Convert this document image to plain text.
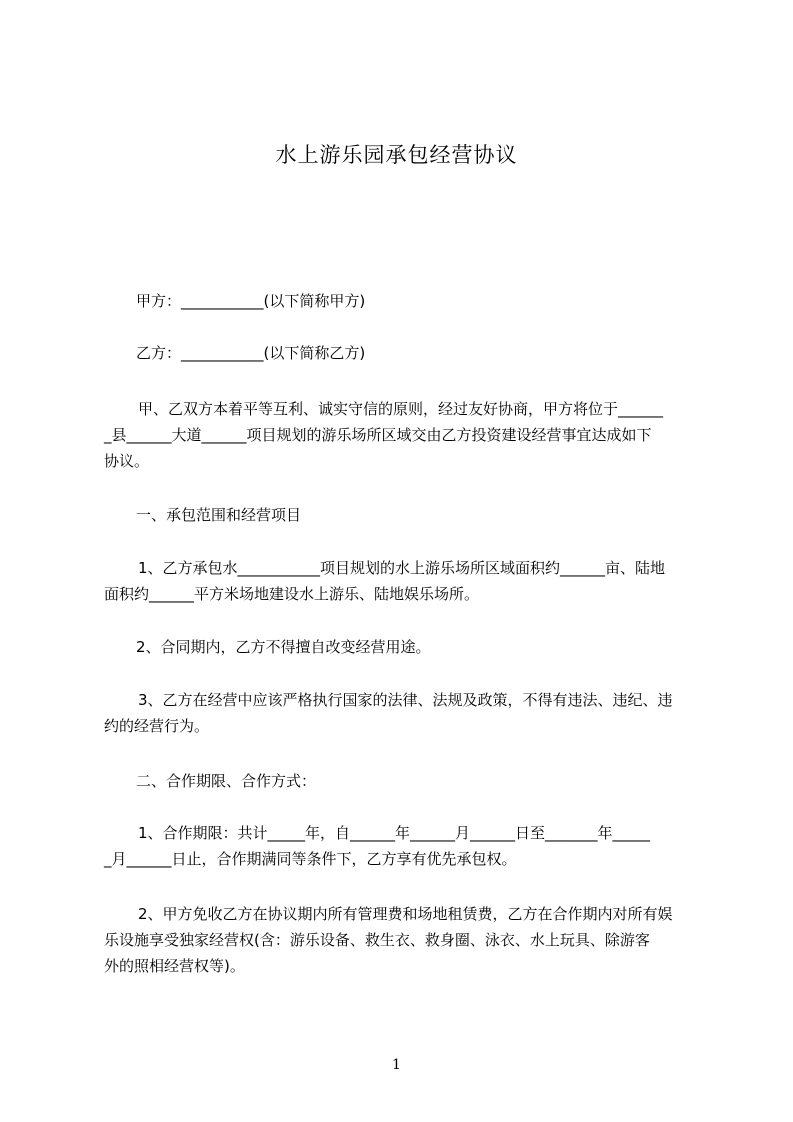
水上游乐园承包经营协议
甲方：___________(以下简称甲方)
乙方：___________(以下简称乙方)
甲、乙双方本着平等互利、诚实守信的原则，经过友好协商，甲方将位于______
_县______大道______项目规划的游乐场所区域交由乙方投资建设经营事宜达成如下
协议。
一、承包范围和经营项目
1、乙方承包水___________项目规划的水上游乐场所区域面积约______亩、陆地
面积约______平方米场地建设水上游乐、陆地娱乐场所。
2、合同期内，乙方不得擅自改变经营用途。
3、乙方在经营中应该严格执行国家的法律、法规及政策，不得有违法、违纪、违
约的经营行为。
二、合作期限、合作方式：
1、合作期限：共计_____年，自______年______月______日至_______年_____
_月______日止，合作期满同等条件下，乙方享有优先承包权。
2、甲方免收乙方在协议期内所有管理费和场地租赁费，乙方在合作期内对所有娱
乐设施享受独家经营权(含：游乐设备、救生衣、救身圈、泳衣、水上玩具、除游客
外的照相经营权等)。
1
